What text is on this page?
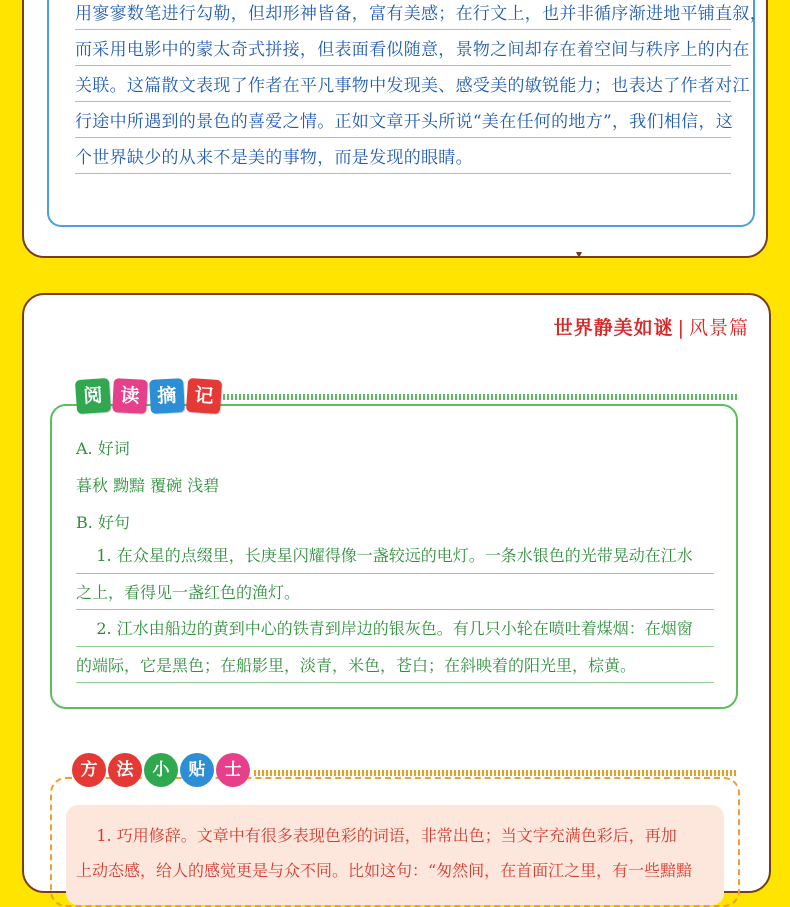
用寥寥数笔进行勾勒，但却形神皆备，富有美感；在行文上，也并非循序渐进地平铺直叙，
而采用电影中的蒙太奇式拼接，但表面看似随意，景物之间却存在着空间与秩序上的内在
关联。这篇散文表现了作者在平凡事物中发现美、感受美的敏锐能力；也表达了作者对江
行途中所遇到的景色的喜爱之情。正如文章开头所说“美在任何的地方”，我们相信，这
个世界缺少的从来不是美的事物，而是发现的眼睛。
世界静美如谜 | 风景篇
阅 读 摘 记
A. 好词
暮秋 黝黯 覆碗 浅碧
B. 好句
1. 在众星的点缀里，长庚星闪耀得像一盏较远的电灯。一条水银色的光带晃动在江水
之上，看得见一盏红色的渔灯。
2. 江水由船边的黄到中心的铁青到岸边的银灰色。有几只小轮在喷吐着煤烟：在烟窗
的端际，它是黑色；在船影里，淡青，米色，苍白；在斜映着的阳光里，棕黄。
方	法	小	贴	士
1. 巧用修辞。文章中有很多表现色彩的词语，非常出色；当文字充满色彩后，再加
上动态感，给人的感觉更是与众不同。比如这句：“匆然间，在首面江之里，有一些黯黯
